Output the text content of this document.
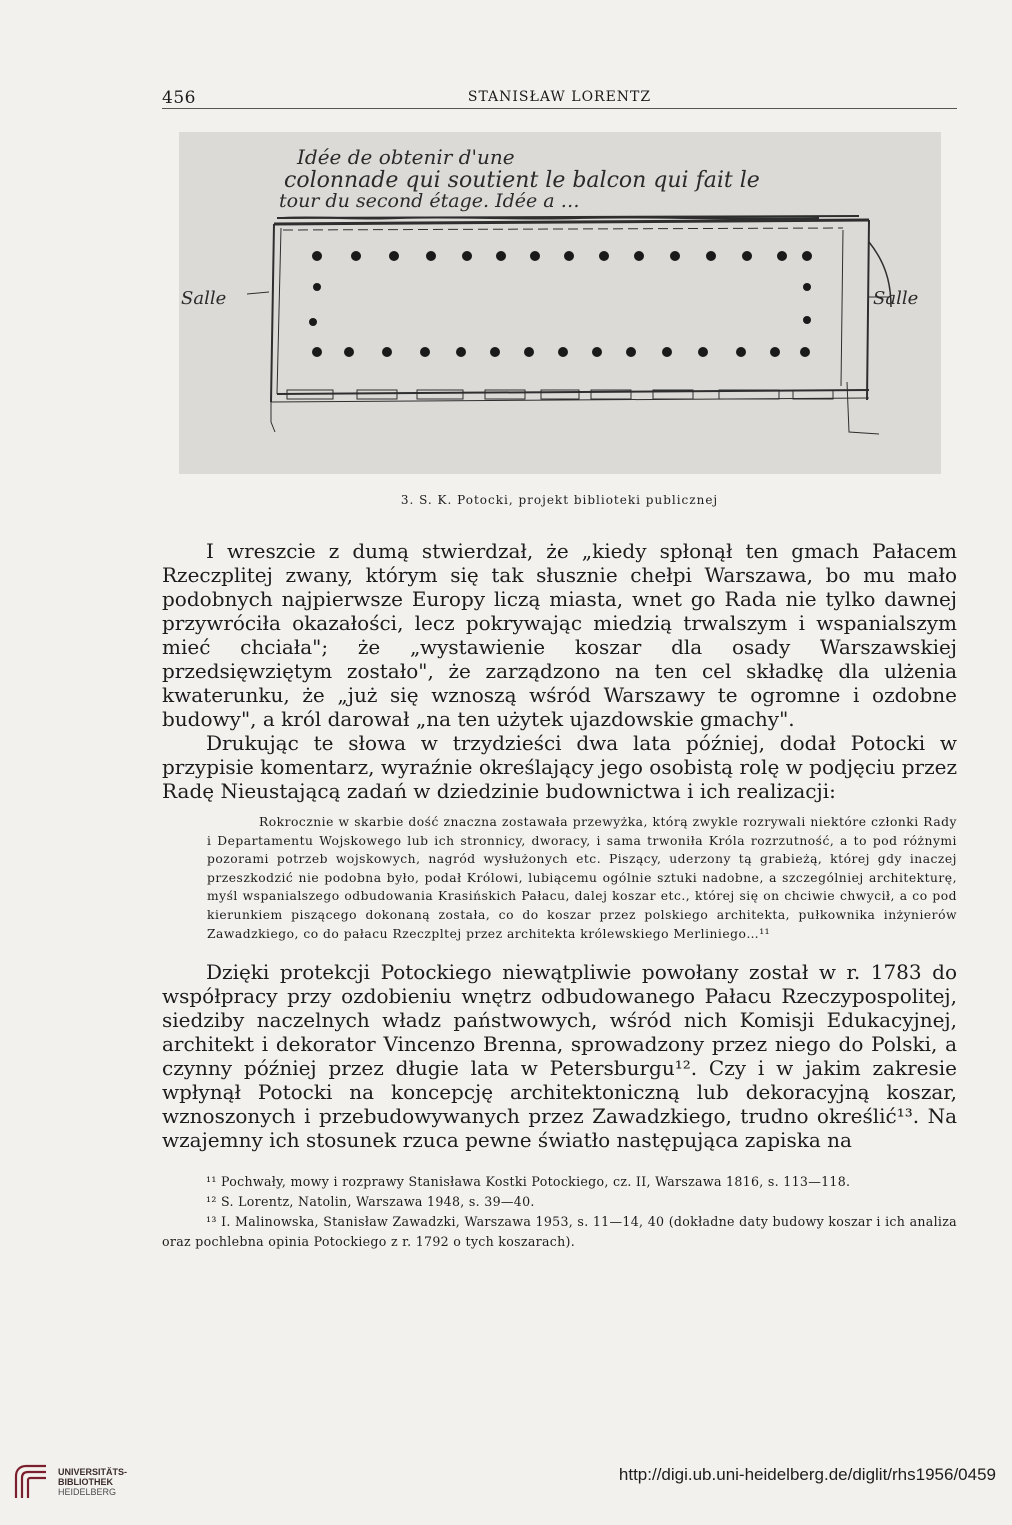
456	STANISŁAW LORENTZ
Idée de obtenir d'une
colonnade qui soutient le balcon qui fait le
tour du second étage. Idée a …
Salle	Salle
3. S. K. Potocki, projekt biblioteki publicznej

I wreszcie z dumą stwierdzał, że „kiedy spłonął ten gmach Pałacem Rzeczplitej zwany, którym się tak słusznie chełpi Warszawa, bo mu mało podobnych najpierwsze Europy liczą miasta, wnet go Rada nie tylko dawnej przywróciła okazałości, lecz pokrywając miedzią trwalszym i wspanialszym mieć chciała"; że „wystawienie koszar dla osady Warszawskiej przedsięwziętym zostało", że zarządzono na ten cel składkę dla ulżenia kwaterunku, że „już się wznoszą wśród Warszawy te ogromne i ozdobne budowy", a król darował „na ten użytek ujazdowskie gmachy".

Drukując te słowa w trzydzieści dwa lata później, dodał Potocki w przypisie komentarz, wyraźnie określający jego osobistą rolę w podjęciu przez Radę Nieustającą zadań w dziedzinie budownictwa i ich realizacji:

Rokrocznie w skarbie dość znaczna zostawała przewyżka, którą zwykle rozrywali niektóre członki Rady i Departamentu Wojskowego lub ich stronnicy, dworacy, i sama trwoniła Króla rozrzutność, a to pod różnymi pozorami potrzeb wojskowych, nagród wysłużonych etc. Piszący, uderzony tą grabieżą, której gdy inaczej przeszkodzić nie podobna było, podał Królowi, lubiącemu ogólnie sztuki nadobne, a szczególniej architekturę, myśl wspanialszego odbudowania Krasińskich Pałacu, dalej koszar etc., której się on chciwie chwycił, a co pod kierunkiem piszącego dokonaną została, co do koszar przez polskiego architekta, pułkownika inżynierów Zawadzkiego, co do pałacu Rzeczpltej przez architekta królewskiego Merliniego…¹¹

Dzięki protekcji Potockiego niewątpliwie powołany został w r. 1783 do współpracy przy ozdobieniu wnętrz odbudowanego Pałacu Rzeczypospolitej, siedziby naczelnych władz państwowych, wśród nich Komisji Edukacyjnej, architekt i dekorator Vincenzo Brenna, sprowadzony przez niego do Polski, a czynny później przez długie lata w Petersburgu¹². Czy i w jakim zakresie wpłynął Potocki na koncepcję architektoniczną lub dekoracyjną koszar, wznoszonych i przebudowywanych przez Zawadzkiego, trudno określić¹³. Na wzajemny ich stosunek rzuca pewne światło następująca zapiska na

¹¹ Pochwały, mowy i rozprawy Stanisława Kostki Potockiego, cz. II, Warszawa 1816, s. 113—118.

¹² S. Lorentz, Natolin, Warszawa 1948, s. 39—40.

¹³ I. Malinowska, Stanisław Zawadzki, Warszawa 1953, s. 11—14, 40 (dokładne daty budowy koszar i ich analiza oraz pochlebna opinia Potockiego z r. 1792 o tych koszarach).

UNIVERSITÄTS-
BIBLIOTHEK
HEIDELBERG
http://digi.ub.uni-heidelberg.de/diglit/rhs1956/0459
